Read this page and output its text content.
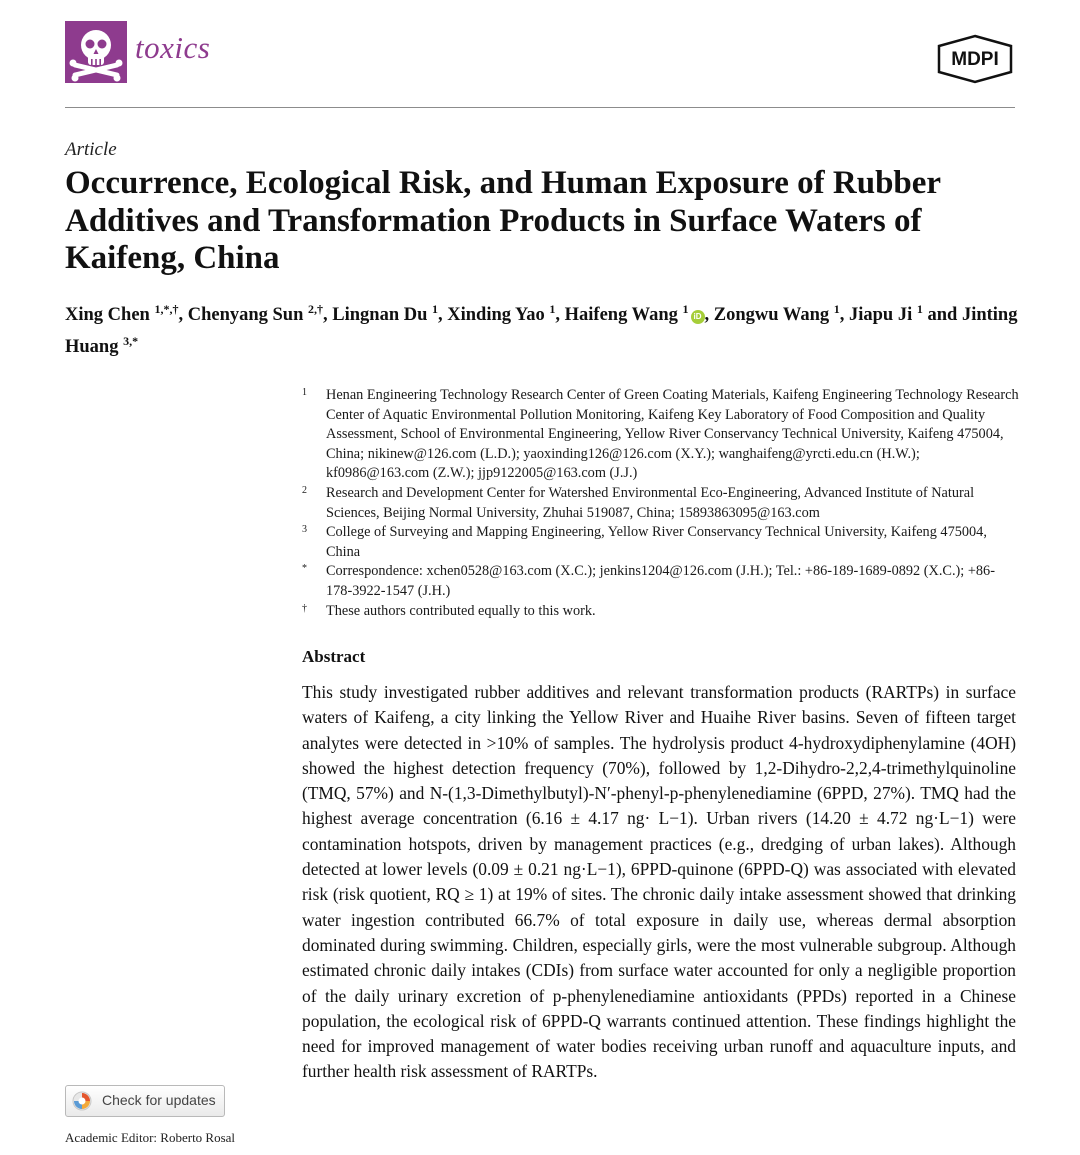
toxics	MDPI
Article
Occurrence, Ecological Risk, and Human Exposure of Rubber Additives and Transformation Products in Surface Waters of Kaifeng, China
Xing Chen $^{1,*,\dagger}$, Chenyang Sun $^{2,\dagger}$, Lingnan Du $^1$, Xinding Yao $^1$, Haifeng Wang $^1$iD , Zongwu Wang $^1$, Jiapu Ji $^1$ and Jinting Huang $^{3,*}$
1 Henan Engineering Technology Research Center of Green Coating Materials, Kaifeng Engineering Technology Research Center of Aquatic Environmental Pollution Monitoring, Kaifeng Key Laboratory of Food Composition and Quality Assessment, School of Environmental Engineering, Yellow River Conservancy Technical University, Kaifeng 475004, China; nikinew@126.com (L.D.); yaoxinding126@126.com (X.Y.); wanghaifeng@yrcti.edu.cn (H.W.); kf0986@163.com (Z.W.); jjp9122005@163.com (J.J.)
2 Research and Development Center for Watershed Environmental Eco-Engineering, Advanced Institute of Natural Sciences, Beijing Normal University, Zhuhai 519087, China; 15893863095@163.com
3 College of Surveying and Mapping Engineering, Yellow River Conservancy Technical University, Kaifeng 475004, China
* Correspondence: xchen0528@163.com (X.C.); jenkins1204@126.com (J.H.); Tel.: +86-189-1689-0892 (X.C.); +86-178-3922-1547 (J.H.)
† These authors contributed equally to this work.
Abstract

This study investigated rubber additives and relevant transformation products (RARTPs) in surface waters of Kaifeng, a city linking the Yellow River and Huaihe River basins. Seven of fifteen target analytes were detected in >10% of samples. The hydrolysis product 4-hydroxydiphenylamine (4OH) showed the highest detection frequency (70%), followed by 1,2-Dihydro-2,2,4-trimethylquinoline (TMQ, 57%) and N-(1,3-Dimethylbutyl)-N′-phenyl-p-phenylenediamine (6PPD, 27%). TMQ had the highest average concentration (6.16 ± 4.17 ng· L−1). Urban rivers (14.20 ± 4.72 ng·L−1) were contamination hotspots, driven by management practices (e.g., dredging of urban lakes). Although detected at lower levels (0.09 ± 0.21 ng·L−1), 6PPD-quinone (6PPD-Q) was associated with elevated risk (risk quotient, RQ ≥ 1) at 19% of sites. The chronic daily intake assessment showed that drinking water ingestion contributed 66.7% of total exposure in daily use, whereas dermal absorption dominated during swimming. Children, especially girls, were the most vulnerable subgroup. Although estimated chronic daily intakes (CDIs) from surface water accounted for only a negligible proportion of the daily urinary excretion of p-phenylenediamine antioxidants (PPDs) reported in a Chinese population, the ecological risk of 6PPD-Q warrants continued attention. These findings highlight the need for improved management of water bodies receiving urban runoff and aquaculture inputs, and further health risk assessment of RARTPs.

Check for updates
Academic Editor: Roberto Rosal
